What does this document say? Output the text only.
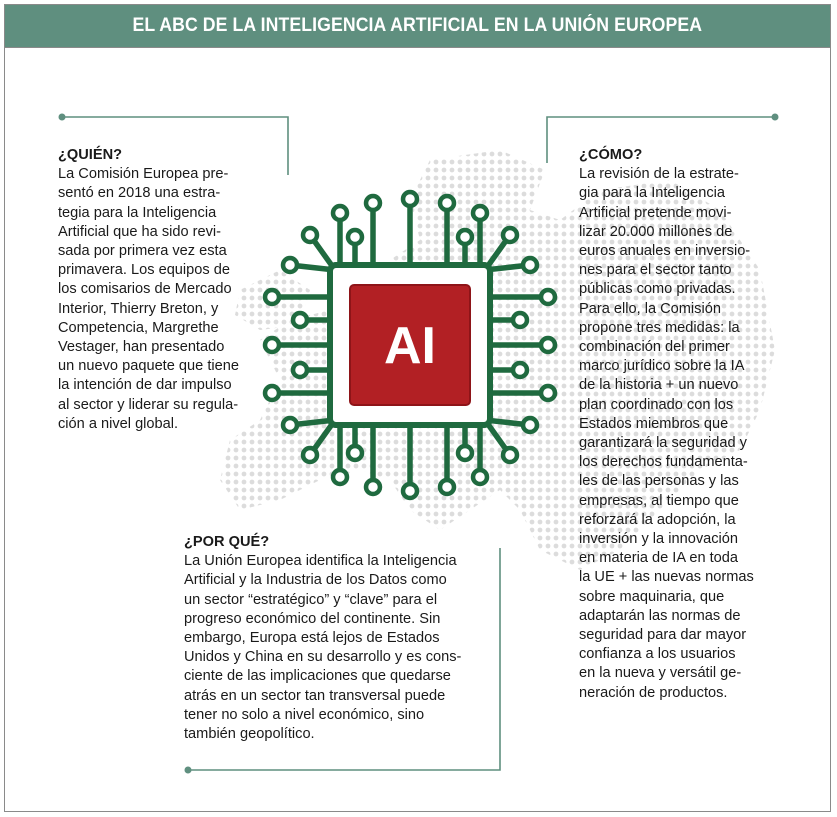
EL ABC DE LA INTELIGENCIA ARTIFICIAL EN LA UNIÓN EUROPEA
AI
¿QUIÉN?

La Comisión Europea pre-
sentó en 2018 una estra-
tegia para la Inteligencia
Artificial que ha sido revi-
sada por primera vez esta
primavera. Los equipos de
los comisarios de Mercado
Interior, Thierry Breton, y
Competencia, Margrethe
Vestager, han presentado
un nuevo paquete que tiene
la intención de dar impulso
al sector y liderar su regula-
ción a nivel global.

¿CÓMO?

La revisión de la estrate-
gia para la Inteligencia
Artificial pretende movi-
lizar 20.000 millones de
euros anuales en inversio-
nes para el sector tanto
públicas como privadas.
Para ello, la Comisión
propone tres medidas: la
combinación del primer
marco jurídico sobre la IA
de la historia + un nuevo
plan coordinado con los
Estados miembros que
garantizará la seguridad y
los derechos fundamenta-
les de las personas y las
empresas, al tiempo que
reforzará la adopción, la
inversión y la innovación
en materia de IA en toda
la UE + las nuevas normas
sobre maquinaria, que
adaptarán las normas de
seguridad para dar mayor
confianza a los usuarios
en la nueva y versátil ge-
neración de productos.

¿POR QUÉ?

La Unión Europea identifica la Inteligencia
Artificial y la Industria de los Datos como
un sector “estratégico” y “clave” para el
progreso económico del continente. Sin
embargo, Europa está lejos de Estados
Unidos y China en su desarrollo y es cons-
ciente de las implicaciones que quedarse
atrás en un sector tan transversal puede
tener no solo a nivel económico, sino
también geopolítico.
